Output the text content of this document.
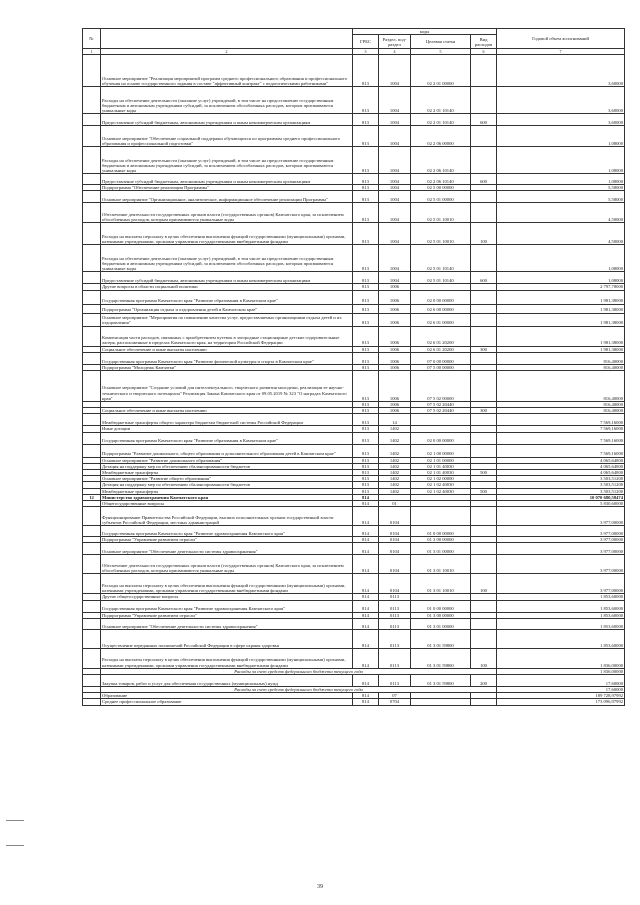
№		коды				Годовой объем ассигнований
		ГРБС	Раздел, под-раздел	Целевая статья	Вид расходов	
1	2	3	4	5	6	7
	Основное мероприятие "Реализация мероприятий программ среднего профессионального образования и профессионального обучения на основе государственного задания в составе "эффективный контракт" с педагогическими работниками"	813	1004	02 2 01 00000		3,60000
	Расходы на обеспечение деятельности (оказание услуг) учреждений, в том числе на предоставление государственным бюджетным и автономным учреждениям субсидий, за исключением обособленных расходов, которым присваиваются уникальные коды	813	1004	02 2 01 10140		3,60000
	Предоставление субсидий бюджетным, автономным учреждениям и иным некоммерческим организациям	813	1004	02 2 01 10140	600	3,60000
	Основное мероприятие "Обеспечение социальной поддержки обучающихся по программам среднего профессионального образования и профессиональной подготовки"	813	1004	02 2 06 00000		1,08000
	Расходы на обеспечение деятельности (оказание услуг) учреждений, в том числе на предоставление государственным бюджетным и автономным учреждениям субсидий, за исключением обособленных расходов, которым присваиваются уникальные коды	813	1004	02 2 06 10140		1,08000
	Предоставление субсидий бюджетным, автономным учреждениям и иным некоммерческим организациям	813	1004	02 2 06 10140	600	1,08000
	Подпрограмма "Обеспечение реализации Программы"	813	1004	02 5 00 00000		5,58000
	Основное мероприятие "Организационное, аналитическое, информационное обеспечение реализации Программы"	813	1004	02 5 01 00000		5,58000
	Обеспечение деятельности государственных органов власти (государственных органов) Камчатского края, за исключением обособленных расходов, которым присваиваются уникальные коды	813	1004	02 5 01 10010		4,50000
	Расходы на выплаты персоналу в целях обеспечения выполнения функций государственными (муниципальными) органами, казенными учреждениями, органами управления государственными внебюджетными фондами	813	1004	02 5 01 10010	100	4,50000
	Расходы на обеспечение деятельности (оказание услуг) учреждений, в том числе на предоставление государственным бюджетным и автономным учреждениям субсидий, за исключением обособленных расходов, которым присваиваются уникальные коды	813	1004	02 5 01 10140		1,08000
	Предоставление субсидий бюджетным, автономным учреждениям и иным некоммерческим организациям	813	1004	02 5 01 10140	600	1,08000
	Другие вопросы в области социальной политики	813	1006			2 797,78000
	Государственная программа Камчатского края "Развитие образования в Камчатском крае"	813	1006	02 0 00 00000		1 981,38000
	Подпрограмма "Организация отдыха и оздоровления детей в Камчатском крае"	813	1006	02 6 00 00000		1 981,38000
	Основное мероприятие "Мероприятия по повышению качества услуг, предоставляемых организациями отдыха детей и их оздоровления"	813	1006	02 6 01 00000		1 981,38000
	Компенсация части расходов, связанных с приобретением путевок в загородные стационарные детские оздоровительные лагеря, расположенные в пределах Камчатского края, на территории Российской Федерации	813	1006	02 6 01 20200		1 981,38000
	Социальное обеспечение и иные выплаты населению	813	1006	02 6 01 20200	300	1 981,38000
	Государственная программа Камчатского края "Развитие физической культуры и спорта в Камчатском крае"	813	1006	07 0 00 00000		816,40000
	Подпрограмма "Молодежь Камчатки"	813	1006	07 5 00 00000		816,40000
	Основное мероприятие "Создание условий для интеллектуального, творческого развития молодежи, реализации ее научно-технического и творческого потенциала" Реализация Закона Камчатского края от 09.05.2019 № 323 "О наградах Камчатского края"	813	1006	07 5 02 00000		816,40000
		813	1006	07 5 02 20440		816,40000
	Социальное обеспечение и иные выплаты населению	813	1006	07 5 02 20440	300	816,40000
	Межбюджетные трансферты общего характера бюджетам бюджетной системы Российской Федерации	813	14			7 569,16000
	Иные дотации	813	1402			7 569,16000
	Государственная программа Камчатского края "Развитие образования в Камчатском крае"	813	1402	02 0 00 00000		7 569,16000
	Подпрограмма "Развитие дошкольного, общего образования и дополнительного образования детей в Камчатском крае"	813	1402	02 1 00 00000		7 569,16000
	Основное мероприятие "Развитие дошкольного образования"	813	1402	02 1 01 00000		4 065,64800
	Дотация на поддержку мер по обеспечению сбалансированности бюджетов	813	1402	02 1 01 40030		4 065,64800
	Межбюджетные трансферты	813	1402	02 1 01 40030	500	4 065,64800
	Основное мероприятие "Развитие общего образования"	813	1402	02 1 02 00000		3 503,51200
	Дотация на поддержку мер по обеспечению сбалансированности бюджетов	813	1402	02 1 02 40030		3 503,51200
	Межбюджетные трансферты	813	1402	02 1 02 40030	500	3 503,51200
12	Министерство здравоохранения Камчатского края	814				10 070 680,58474
	Общегосударственные вопросы	814	01			5 830,60000
	Функционирование Правительства Российской Федерации, высших исполнительных органов государственной власти субъектов Российской Федерации, местных администраций	814	0104			3 977,00000
	Государственная программа Камчатского края "Развитие здравоохранения Камчатского края"	814	0104	01 0 00 00000		3 977,00000
	Подпрограмма "Управление развитием отрасли"	814	0104	01 3 00 00000		3 977,00000
	Основное мероприятие "Обеспечение деятельности системы здравоохранения"	814	0104	01 3 01 00000		3 977,00000
	Обеспечение деятельности государственных органов власти (государственных органов) Камчатского края, за исключением обособленных расходов, которым присваиваются уникальные коды	814	0104	01 3 01 10010		3 977,00000
	Расходы на выплаты персоналу в целях обеспечения выполнения функций государственными (муниципальными) органами, казенными учреждениями, органами управления государственными внебюджетными фондами	814	0104	01 3 01 10010	100	3 977,00000
	Другие общегосударственные вопросы	814	0113			1 853,60000
	Государственная программа Камчатского края "Развитие здравоохранения Камчатского края"	814	0113	01 0 00 00000		1 853,60000
	Подпрограмма "Управление развитием отрасли"	814	0113	01 3 00 00000		1 853,60000
	Основное мероприятие "Обеспечение деятельности системы здравоохранения"	814	0113	01 3 01 00000		1 853,60000
	Осуществление переданных полномочий Российской Федерации в сфере охраны здоровья	814	0113	01 3 01 59800		1 853,60000
	Расходы на выплаты персоналу в целях обеспечения выполнения функций государственными (муниципальными) органами, казенными учреждениями, органами управления государственными внебюджетными фондами	814	0113	01 3 01 59800	100	1 836,00000
	Расходы за счет средств федерального бюджета текущего года					1 836,00000
	Закупка товаров, работ и услуг для обеспечения государственных (муниципальных) нужд	814	0113	01 3 01 59800	200	17,60000
	Расходы за счет средств федерального бюджета текущего года					17,60000
	Образование	814	07			189 728,97992
	Среднее профессиональное образование	814	0704			173 096,97992
39
